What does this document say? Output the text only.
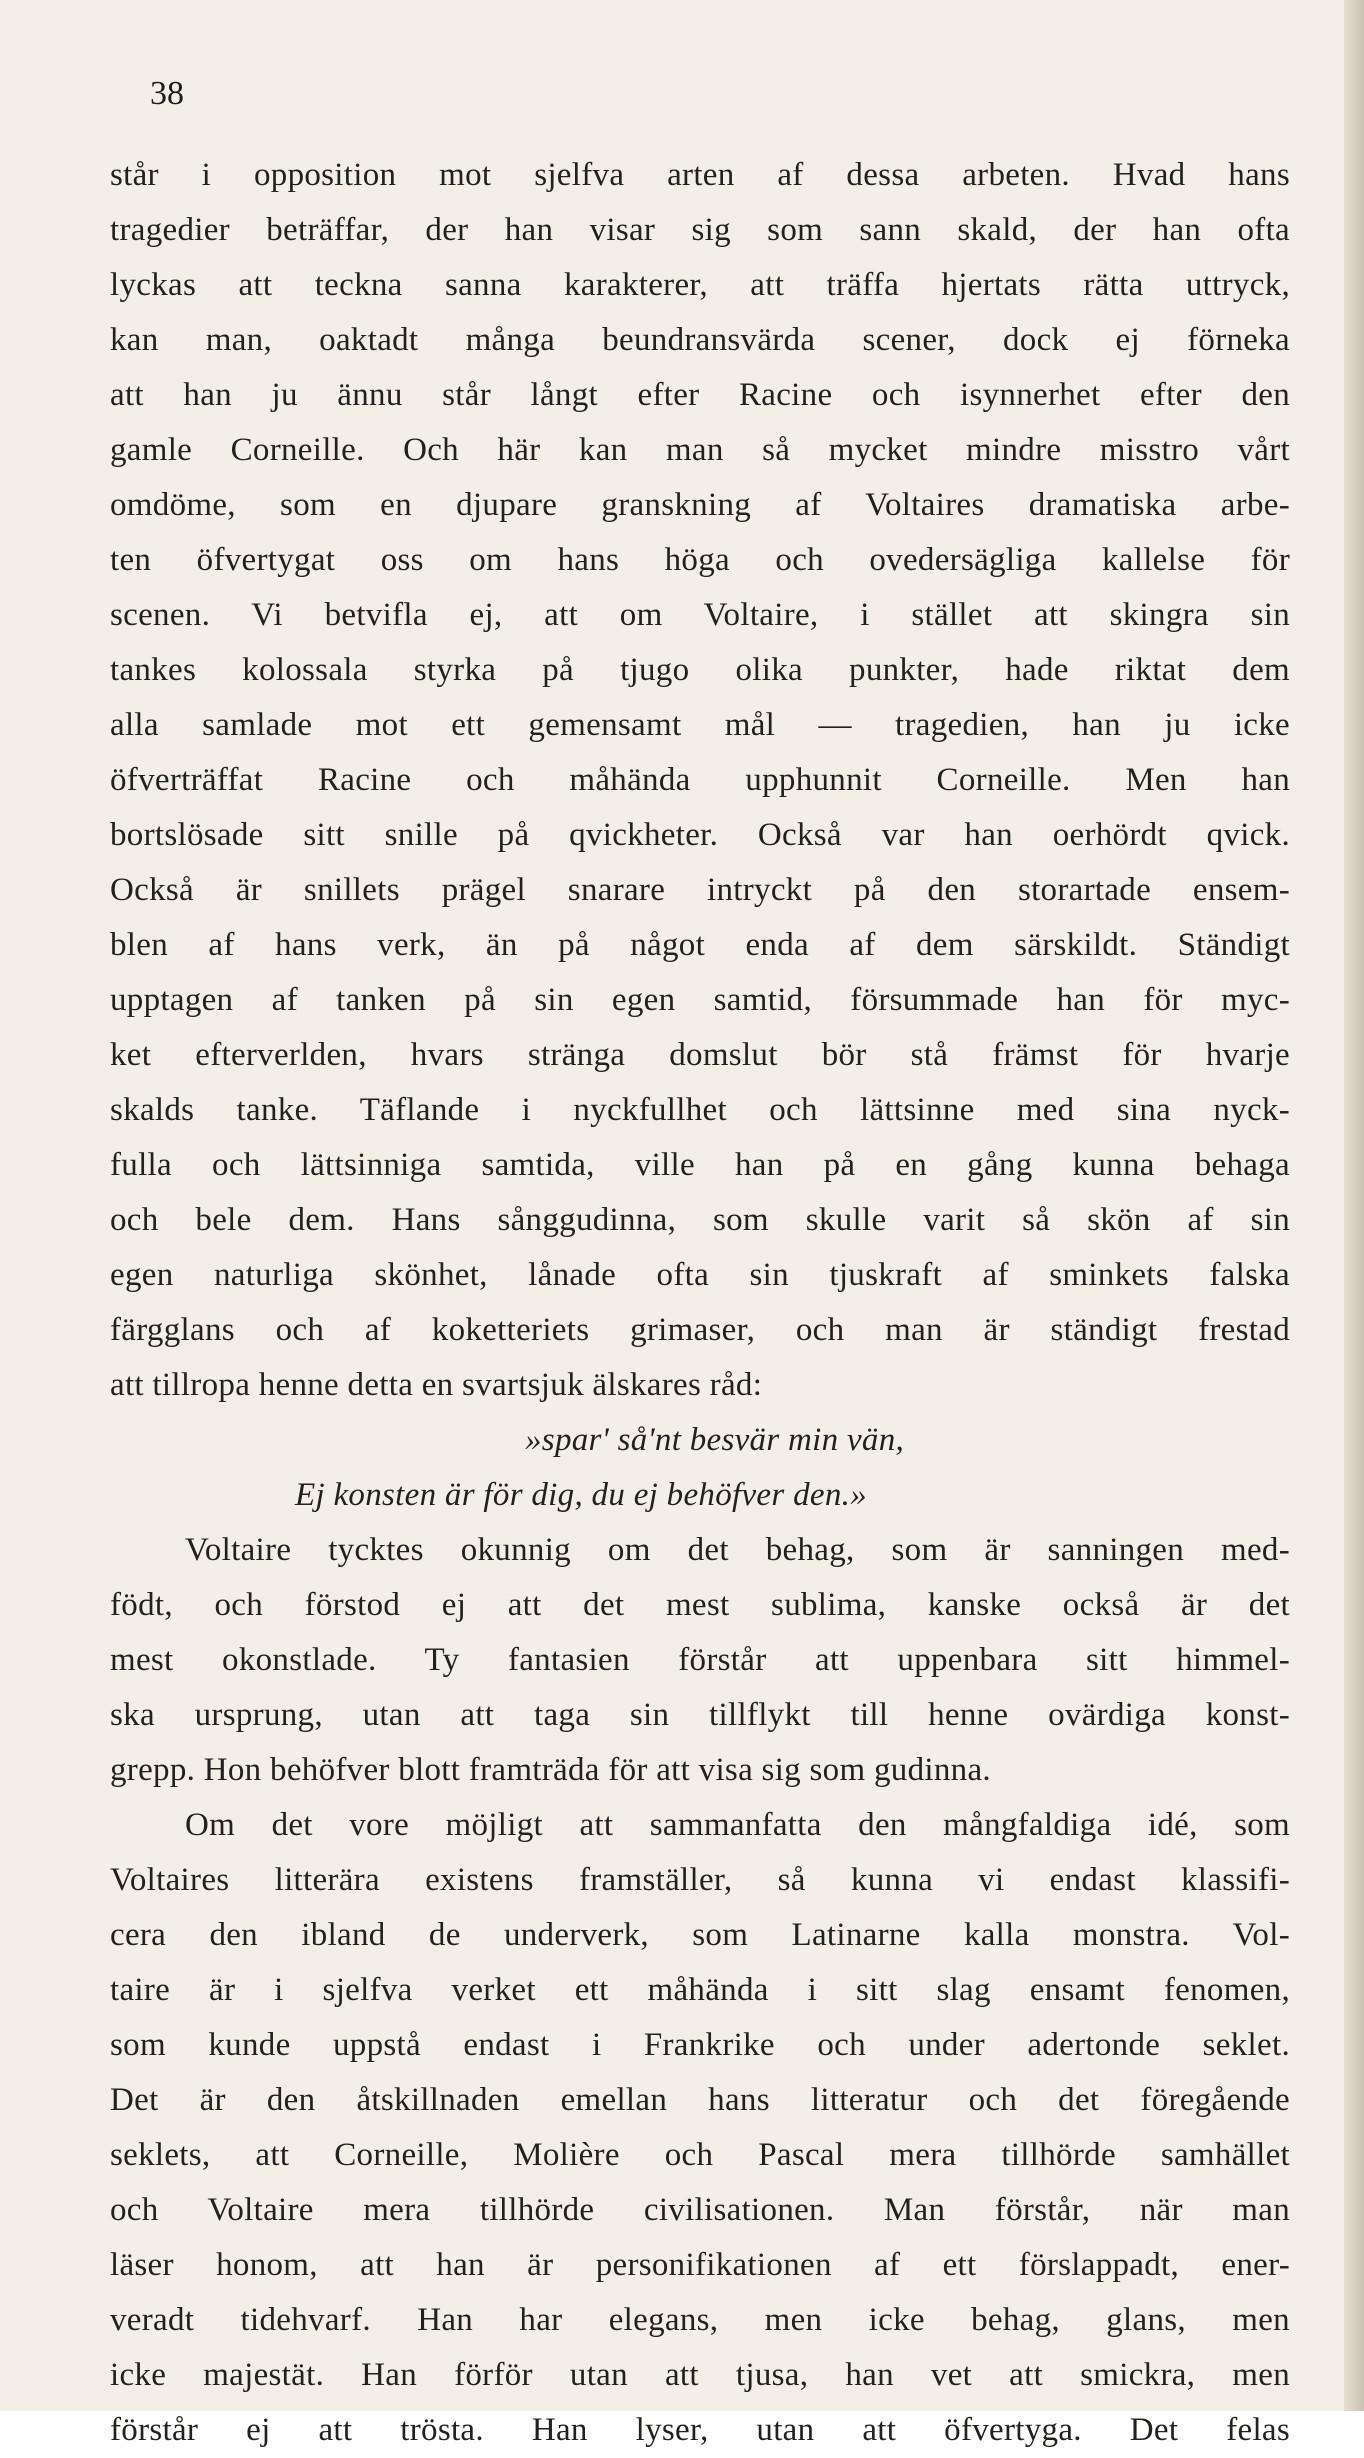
38
står i opposition mot sjelfva arten af dessa arbeten. Hvad hans
tragedier beträffar, der han visar sig som sann skald, der han ofta
lyckas att teckna sanna karakterer, att träffa hjertats rätta uttryck,
kan man, oaktadt många beundransvärda scener, dock ej förneka
att han ju ännu står långt efter Racine och isynnerhet efter den
gamle Corneille. Och här kan man så mycket mindre misstro vårt
omdöme, som en djupare granskning af Voltaires dramatiska arbe-
ten öfvertygat oss om hans höga och ovedersägliga kallelse för
scenen. Vi betvifla ej, att om Voltaire, i stället att skingra sin
tankes kolossala styrka på tjugo olika punkter, hade riktat dem
alla samlade mot ett gemensamt mål — tragedien, han ju icke
öfverträffat Racine och måhända upphunnit Corneille. Men han
bortslösade sitt snille på qvickheter. Också var han oerhördt qvick.
Också är snillets prägel snarare intryckt på den storartade ensem-
blen af hans verk, än på något enda af dem särskildt. Ständigt
upptagen af tanken på sin egen samtid, försummade han för myc-
ket efterverlden, hvars stränga domslut bör stå främst för hvarje
skalds tanke. Täflande i nyckfullhet och lättsinne med sina nyck-
fulla och lättsinniga samtida, ville han på en gång kunna behaga
och bele dem. Hans sånggudinna, som skulle varit så skön af sin
egen naturliga skönhet, lånade ofta sin tjuskraft af sminkets falska
färgglans och af koketteriets grimaser, och man är ständigt frestad
att tillropa henne detta en svartsjuk älskares råd:
»spar' så'nt besvär min vän,
Ej konsten är för dig, du ej behöfver den.»
Voltaire tycktes okunnig om det behag, som är sanningen med-
födt, och förstod ej att det mest sublima, kanske också är det
mest okonstlade. Ty fantasien förstår att uppenbara sitt himmel-
ska ursprung, utan att taga sin tillflykt till henne ovärdiga konst-
grepp. Hon behöfver blott framträda för att visa sig som gudinna.
Om det vore möjligt att sammanfatta den mångfaldiga idé, som
Voltaires litterära existens framställer, så kunna vi endast klassifi-
cera den ibland de underverk, som Latinarne kalla monstra. Vol-
taire är i sjelfva verket ett måhända i sitt slag ensamt fenomen,
som kunde uppstå endast i Frankrike och under adertonde seklet.
Det är den åtskillnaden emellan hans litteratur och det föregående
seklets, att Corneille, Molière och Pascal mera tillhörde samhället
och Voltaire mera tillhörde civilisationen. Man förstår, när man
läser honom, att han är personifikationen af ett förslappadt, ener-
veradt tidehvarf. Han har elegans, men icke behag, glans, men
icke majestät. Han förför utan att tjusa, han vet att smickra, men
förstår ej att trösta. Han lyser, utan att öfvertyga. Det felas
